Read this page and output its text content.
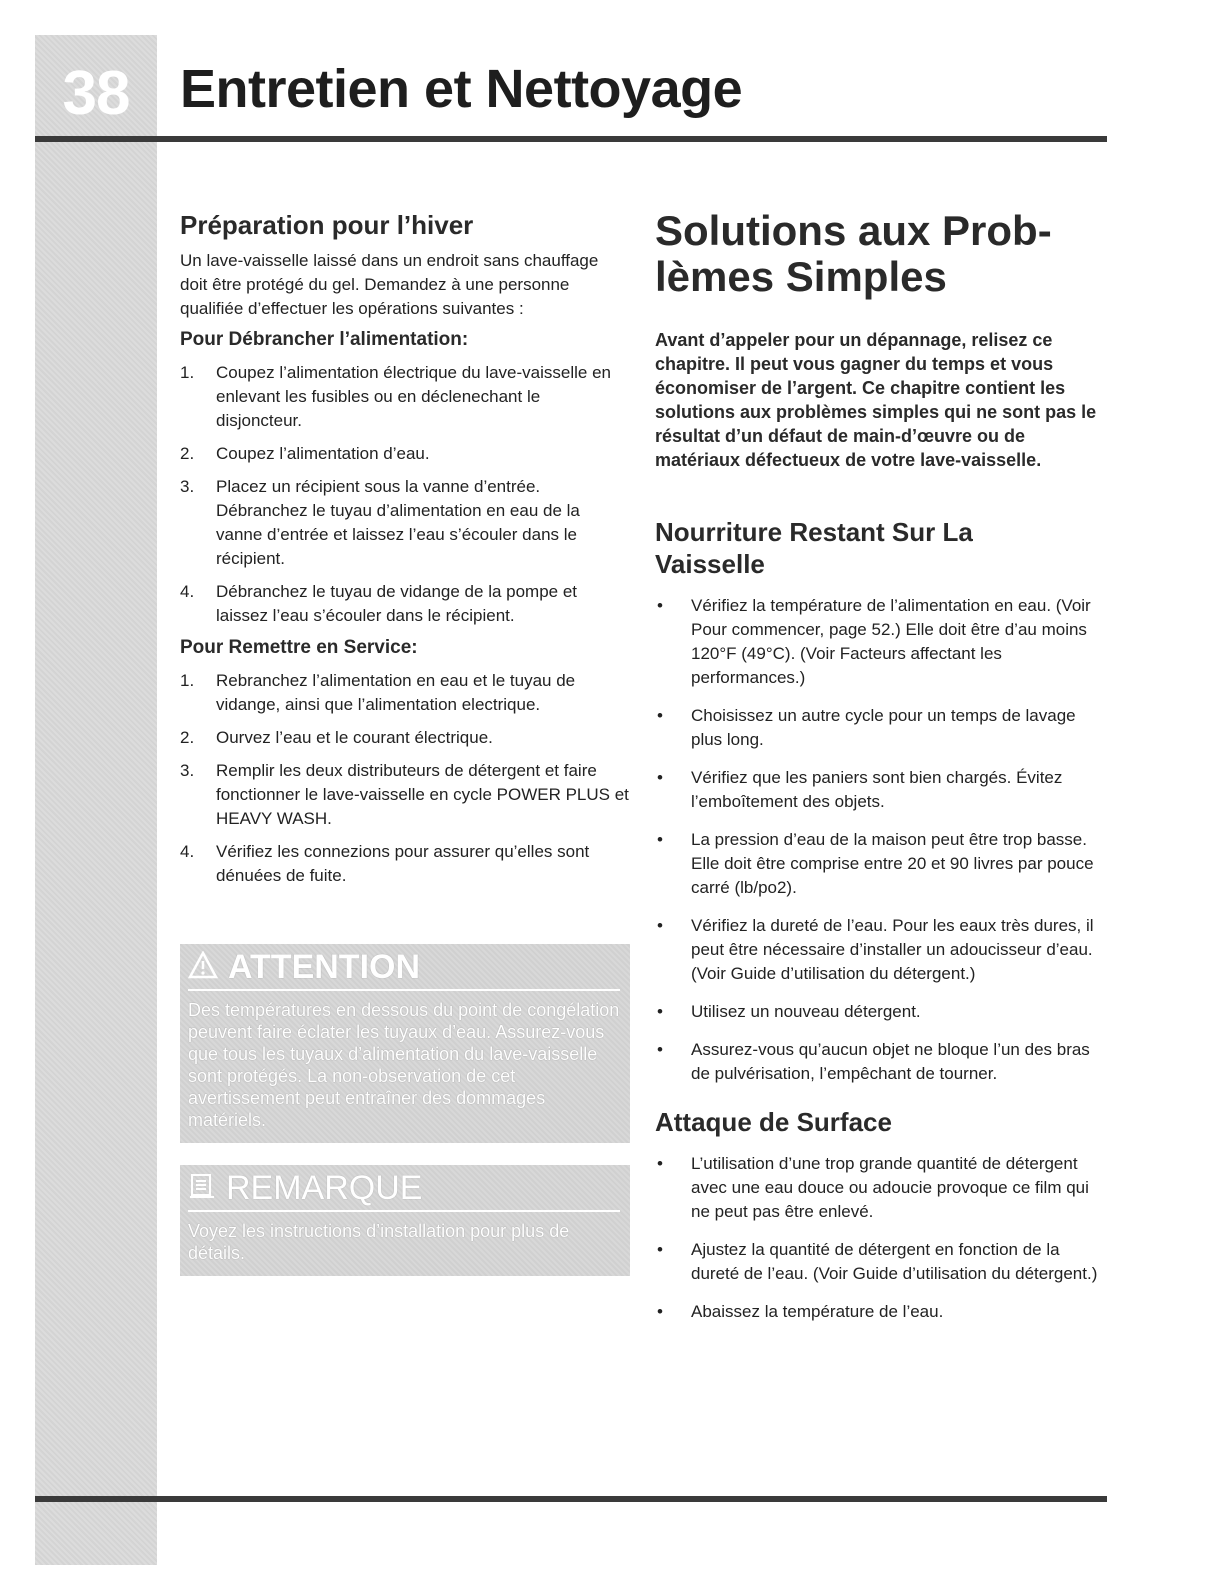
38 Entretien et Nettoyage
Préparation pour l’hiver

Un lave-vaisselle laissé dans un endroit sans chauffage doit être protégé du gel. Demandez à une personne qualifiée d’effectuer les opérations suivantes :

Pour Débrancher l’alimentation:
1. Coupez l’alimentation électrique du lave-vaisselle en enlevant les fusibles ou en déclenechant le disjoncteur.
2. Coupez l’alimentation d’eau.
3. Placez un récipient sous la vanne d’entrée. Débranchez le tuyau d’alimentation en eau de la vanne d’entrée et laissez l’eau s’écouler dans le récipient.
4. Débranchez le tuyau de vidange de la pompe et laissez l’eau s’écouler dans le récipient.
Pour Remettre en Service:
1. Rebranchez l’alimentation en eau et le tuyau de vidange, ainsi que l’alimentation electrique.
2. Ourvez l’eau et le courant électrique.
3. Remplir les deux distributeurs de détergent et faire fonctionner le lave-vaisselle en cycle POWER PLUS et HEAVY WASH.
4. Vérifiez les connezions pour assurer qu’elles sont dénuées de fuite.
ATTENTION
Des températures en dessous du point de congélation peuvent faire éclater les tuyaux d’eau. Assurez-vous que tous les tuyaux d’alimentation du lave-vaisselle sont protégés. La non-observation de cet avertissement peut entraîner des dommages matériels.
REMARQUE
Voyez les instructions d’installation pour plus de détails.
Solutions aux Prob-
lèmes Simples

Avant d’appeler pour un dépannage, relisez ce chapitre. Il peut vous gagner du temps et vous économiser de l’argent. Ce chapitre contient les solutions aux problèmes simples qui ne sont pas le résultat d’un défaut de main-d’œuvre ou de matériaux défectueux de votre lave-vaisselle.

Nourriture Restant Sur La
Vaisselle
• Vérifiez la température de l’alimentation en eau. (Voir Pour commencer, page 52.) Elle doit être d’au moins 120°F (49°C). (Voir Facteurs affectant les performances.)
• Choisissez un autre cycle pour un temps de lavage plus long.
• Vérifiez que les paniers sont bien chargés. Évitez l’emboîtement des objets.
• La pression d’eau de la maison peut être trop basse. Elle doit être comprise entre 20 et 90 livres par pouce carré (lb/po2).
• Vérifiez la dureté de l’eau. Pour les eaux très dures, il peut être nécessaire d’installer un adoucisseur d’eau. (Voir Guide d’utilisation du détergent.)
• Utilisez un nouveau détergent.
• Assurez-vous qu’aucun objet ne bloque l’un des bras de pulvérisation, l’empêchant de tourner.
Attaque de Surface
• L’utilisation d’une trop grande quantité de détergent avec une eau douce ou adoucie provoque ce film qui ne peut pas être enlevé.
• Ajustez la quantité de détergent en fonction de la dureté de l’eau. (Voir Guide d’utilisation du détergent.)
• Abaissez la température de l’eau.
